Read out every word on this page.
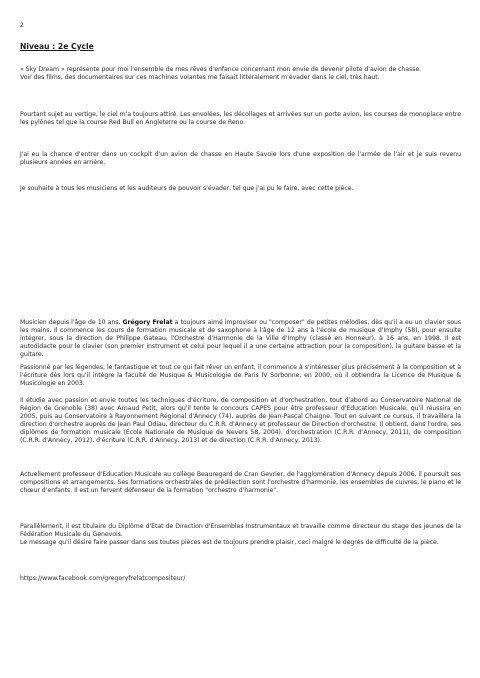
2
Niveau : 2e Cycle

« Sky Dream » représente pour moi l'ensemble de mes rêves d'enfance concernant mon envie de devenir pilote d'avion de chasse.

Voir des films, des documentaires sur ces machines volantes me faisait littéralement m'évader dans le ciel, très haut.

Pourtant sujet au vertige, le ciel m'a toujours attiré. Les envolées, les décollages et arrivées sur un porte avion, les courses de monoplace entre les pylônes tel que la course Red Bull en Angleterre ou la course de Reno.

J'ai eu la chance d'entrer dans un cockpit d'un avion de chasse en Haute Savoie lors d'une exposition de l'armée de l'air et je suis revenu plusieurs années en arrière.

Je souhaite à tous les musiciens et les auditeurs de pouvoir s'évader, tel que j'ai pu le faire, avec cette pièce.

Musicien depuis l'âge de 10 ans, Grégory Frelat a toujours aimé improviser ou "composer" de petites mélodies, dès qu'il a eu un clavier sous les mains. Il commence les cours de formation musicale et de saxophone à l'âge de 12 ans à l'école de musique d'Imphy (58), pour ensuite intégrer, sous la direction de Philippe Gateau, l'Orchestre d'Harmonie de la Ville d'Imphy (classé en Honneur), à 16 ans, en 1998. Il est autodidacte pour le clavier (son premier instrument et celui pour lequel il a une certaine attraction pour la composition), la guitare basse et la guitare.

Passionné par les légendes, le fantastique et tout ce qui fait rêver un enfant, il commence à s'intéresser plus précisément à la composition et à l'écriture dès lors qu'il intègre la faculté de Musique & Musicologie de Paris IV Sorbonne, en 2000, où il obtiendra la Licence de Musique & Musicologie en 2003.

Il étudie avec passion et envie toutes les techniques d'écriture, de composition et d'orchestration, tout d'abord au Conservatoire National de Région de Grenoble (38) avec Arnaud Petit, alors qu'il tente le concours CAPES pour être professeur d'Education Musicale, qu'il réussira en 2005, puis au Conservatoire à Rayonnement Régional d'Annecy (74), auprès de Jean-Pascal Chaigne. Tout en suivant ce cursus, il travaillera la direction d'orchestre auprès de Jean Paul Odiau, directeur du C.R.R. d'Annecy et professeur de Direction d'orchestre. Il obtient, dans l'ordre, ses diplômes de formation musicale (Ecole Nationale de Musique de Nevers 58, 2004), d'orchestration (C.R.R. d'Annecy, 2011), de composition (C.R.R. d'Annecy, 2012), d'écriture (C.R.R. d'Annecy, 2013) et de direction (C.R.R. d'Annecy, 2013).

Actuellement professeur d'Education Musicale au collège Beauregard de Cran Gevrier, de l'agglomération d'Annecy depuis 2006, il poursuit ses compositions et arrangements. Ses formations orchestrales de prédilection sont l'orchestre d'harmonie, les ensembles de cuivres, le piano et le chœur d'enfants. Il est un fervent défenseur de la formation "orchestre d'harmonie".

Parallèlement, il est titulaire du Diplôme d'Etat de Direction d'Ensembles Instrumentaux et travaille comme directeur du stage des jeunes de la Fédération Musicale du Genevois.

Le message qu'il désire faire passer dans ses toutes pièces est de toujours prendre plaisir, ceci malgré le degrés de difficulté de la pièce.

https://www.facebook.com/gregoryfrelatcompositeur/
